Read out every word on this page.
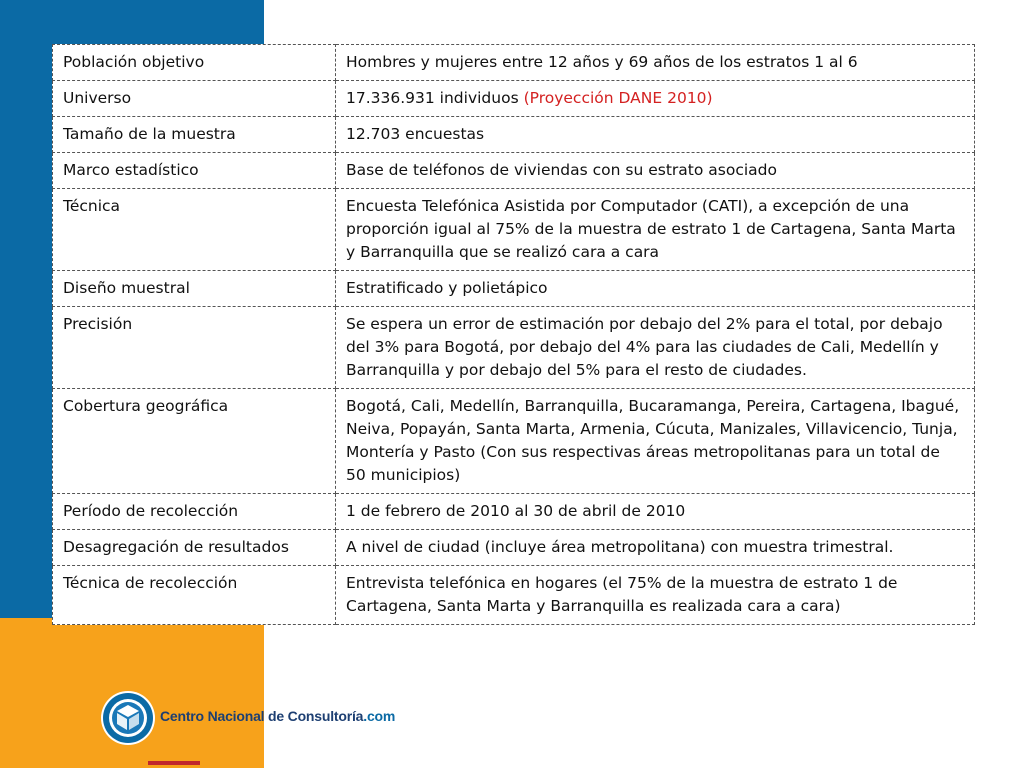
Población objetivo	Hombres y mujeres entre 12 años y 69 años de los estratos 1 al 6
Universo	17.336.931 individuos (Proyección DANE 2010)
Tamaño de la muestra	12.703 encuestas
Marco estadístico	Base de teléfonos de viviendas con su estrato asociado
Técnica	Encuesta Telefónica Asistida por Computador (CATI), a excepción de una proporción igual al 75% de la muestra de estrato 1 de Cartagena, Santa Marta y Barranquilla que se realizó cara a cara
Diseño muestral	Estratificado y polietápico
Precisión	Se espera un error de estimación por debajo del 2% para el total, por debajo del 3% para Bogotá, por debajo del 4% para las ciudades de Cali, Medellín y Barranquilla y por debajo del 5% para el resto de ciudades.
Cobertura geográfica	Bogotá, Cali, Medellín, Barranquilla, Bucaramanga, Pereira, Cartagena, Ibagué, Neiva, Popayán, Santa Marta, Armenia, Cúcuta, Manizales, Villavicencio, Tunja, Montería y Pasto (Con sus respectivas áreas metropolitanas para un total de 50 municipios)
Período de recolección	1 de febrero de 2010 al 30 de abril de 2010
Desagregación de resultados	A nivel de ciudad (incluye área metropolitana) con muestra trimestral.
Técnica de recolección	Entrevista telefónica en hogares (el 75% de la muestra de estrato 1 de Cartagena, Santa Marta y Barranquilla es realizada cara a cara)
Centro Nacional de Consultoría.com
